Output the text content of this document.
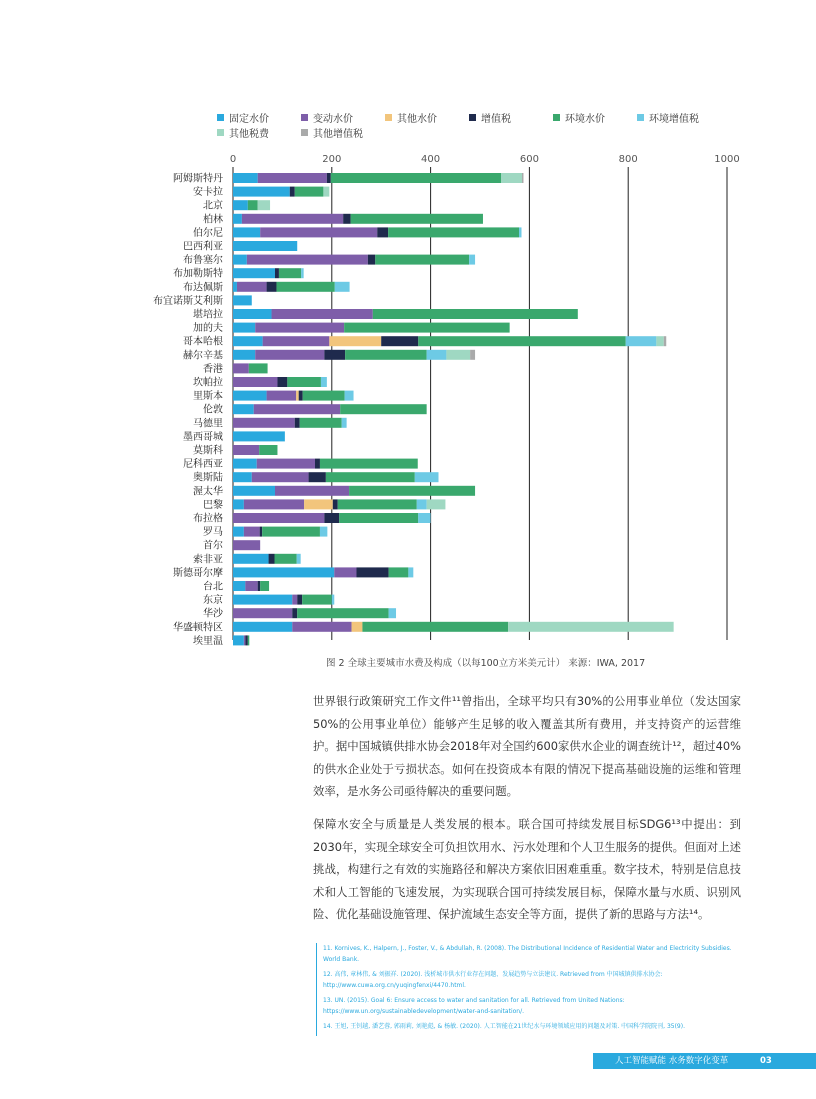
固定水价	变动水价	其他水价	增值税	环境水价	环境增值税
其他税费	其他增值税
0	200	400	600	800	1000
阿姆斯特丹
安卡拉
北京
柏林
伯尔尼
巴西利亚
布鲁塞尔
布加勒斯特
布达佩斯
布宜诺斯艾利斯
堪培拉
加的夫
哥本哈根
赫尔辛基
香港
坎帕拉
里斯本
伦敦
马德里
墨西哥城
莫斯科
尼科西亚
奥斯陆
渥太华
巴黎
布拉格
罗马
首尔
索非亚
斯德哥尔摩
台北
东京
华沙
华盛顿特区
埃里温
图 2 全球主要城市水费及构成（以每100立方米美元计） 来源：IWA, 2017
世界银行政策研究工作文件¹¹曾指出，全球平均只有30%的公用事业单位（发达国家50%的公用事业单位）能够产生足够的收入覆盖其所有费用，并支持资产的运营维护。据中国城镇供排水协会2018年对全国约600家供水企业的调查统计¹²，超过40%的供水企业处于亏损状态。如何在投资成本有限的情况下提高基础设施的运维和管理效率，是水务公司亟待解决的重要问题。
保障水安全与质量是人类发展的根本。联合国可持续发展目标SDG6¹³中提出：到2030年，实现全球安全可负担饮用水、污水处理和个人卫生服务的提供。但面对上述挑战，构建行之有效的实施路径和解决方案依旧困难重重。数字技术，特别是信息技术和人工智能的飞速发展，为实现联合国可持续发展目标，保障水量与水质、识别风险、优化基础设施管理、保护流域生态安全等方面，提供了新的思路与方法¹⁴。
11. Kornives, K., Halpern, J., Foster, V., & Abdullah, R. (2008). The Distributional Incidence of Residential Water and Electricity Subsidies. World Bank.
12. 高伟, 章林伟, & 刘振祥. (2020). 浅析城市供水行业存在问题、发展趋势与立法建议. Retrieved from 中国城镇供排水协会: http://www.cuwa.org.cn/yuqingfenxi/4470.html.
13. UN. (2015). Goal 6: Ensure access to water and sanitation for all. Retrieved from United Nations: https://www.un.org/sustainabledevelopment/water-and-sanitation/.
14. 王旭, 王钊越, 潘艺蓉, 郭雨莉, 刘艳彪, & 杨敏. (2020). 人工智能在21世纪水与环境领域应用的问题及对策. 中国科学院院刊, 35(9).
人工智能赋能 水务数字化变革	03
